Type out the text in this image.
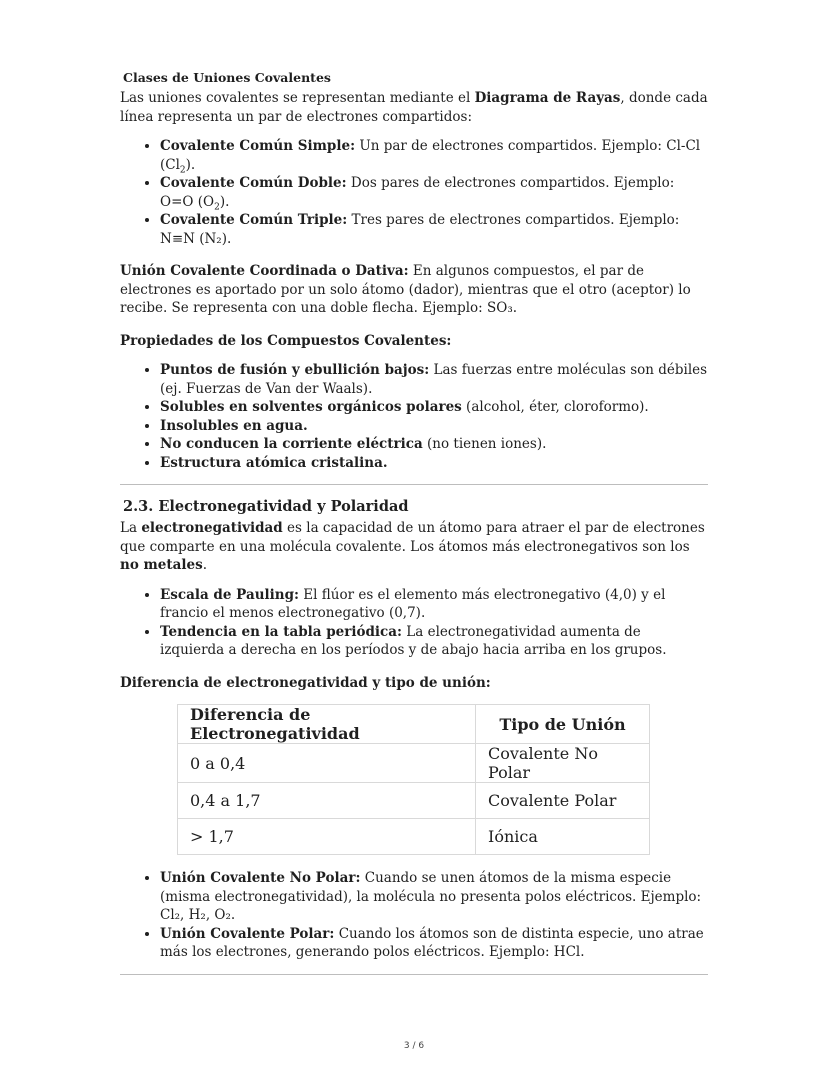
Clases de Uniones Covalentes

Las uniones covalentes se representan mediante el Diagrama de Rayas, donde cada línea representa un par de electrones compartidos:

• Covalente Común Simple: Un par de electrones compartidos. Ejemplo: Cl-Cl $(Cl_2)$.
• Covalente Común Doble: Dos pares de electrones compartidos. Ejemplo: O=O $(O_2)$.
• Covalente Común Triple: Tres pares de electrones compartidos. Ejemplo: N≡N (N₂).

Unión Covalente Coordinada o Dativa: En algunos compuestos, el par de electrones es aportado por un solo átomo (dador), mientras que el otro (aceptor) lo recibe. Se representa con una doble flecha. Ejemplo: SO₃.

Propiedades de los Compuestos Covalentes:

• Puntos de fusión y ebullición bajos: Las fuerzas entre moléculas son débiles (ej. Fuerzas de Van der Waals).
• Solubles en solventes orgánicos polares (alcohol, éter, cloroformo).
• Insolubles en agua.
• No conducen la corriente eléctrica (no tienen iones).
• Estructura atómica cristalina.
2.3. Electronegatividad y Polaridad

La electronegatividad es la capacidad de un átomo para atraer el par de electrones que comparte en una molécula covalente. Los átomos más electronegativos son los no metales.

• Escala de Pauling: El flúor es el elemento más electronegativo (4,0) y el francio el menos electronegativo (0,7).
• Tendencia en la tabla periódica: La electronegatividad aumenta de izquierda a derecha en los períodos y de abajo hacia arriba en los grupos.

Diferencia de electronegatividad y tipo de unión:

Diferencia de Electronegatividad	Tipo de Unión
0 a 0,4	Covalente No Polar
0,4 a 1,7	Covalente Polar
> 1,7	Iónica
• Unión Covalente No Polar: Cuando se unen átomos de la misma especie (misma electronegatividad), la molécula no presenta polos eléctricos. Ejemplo: Cl₂, H₂, O₂.
• Unión Covalente Polar: Cuando los átomos son de distinta especie, uno atrae más los electrones, generando polos eléctricos. Ejemplo: HCl.
3 / 6
